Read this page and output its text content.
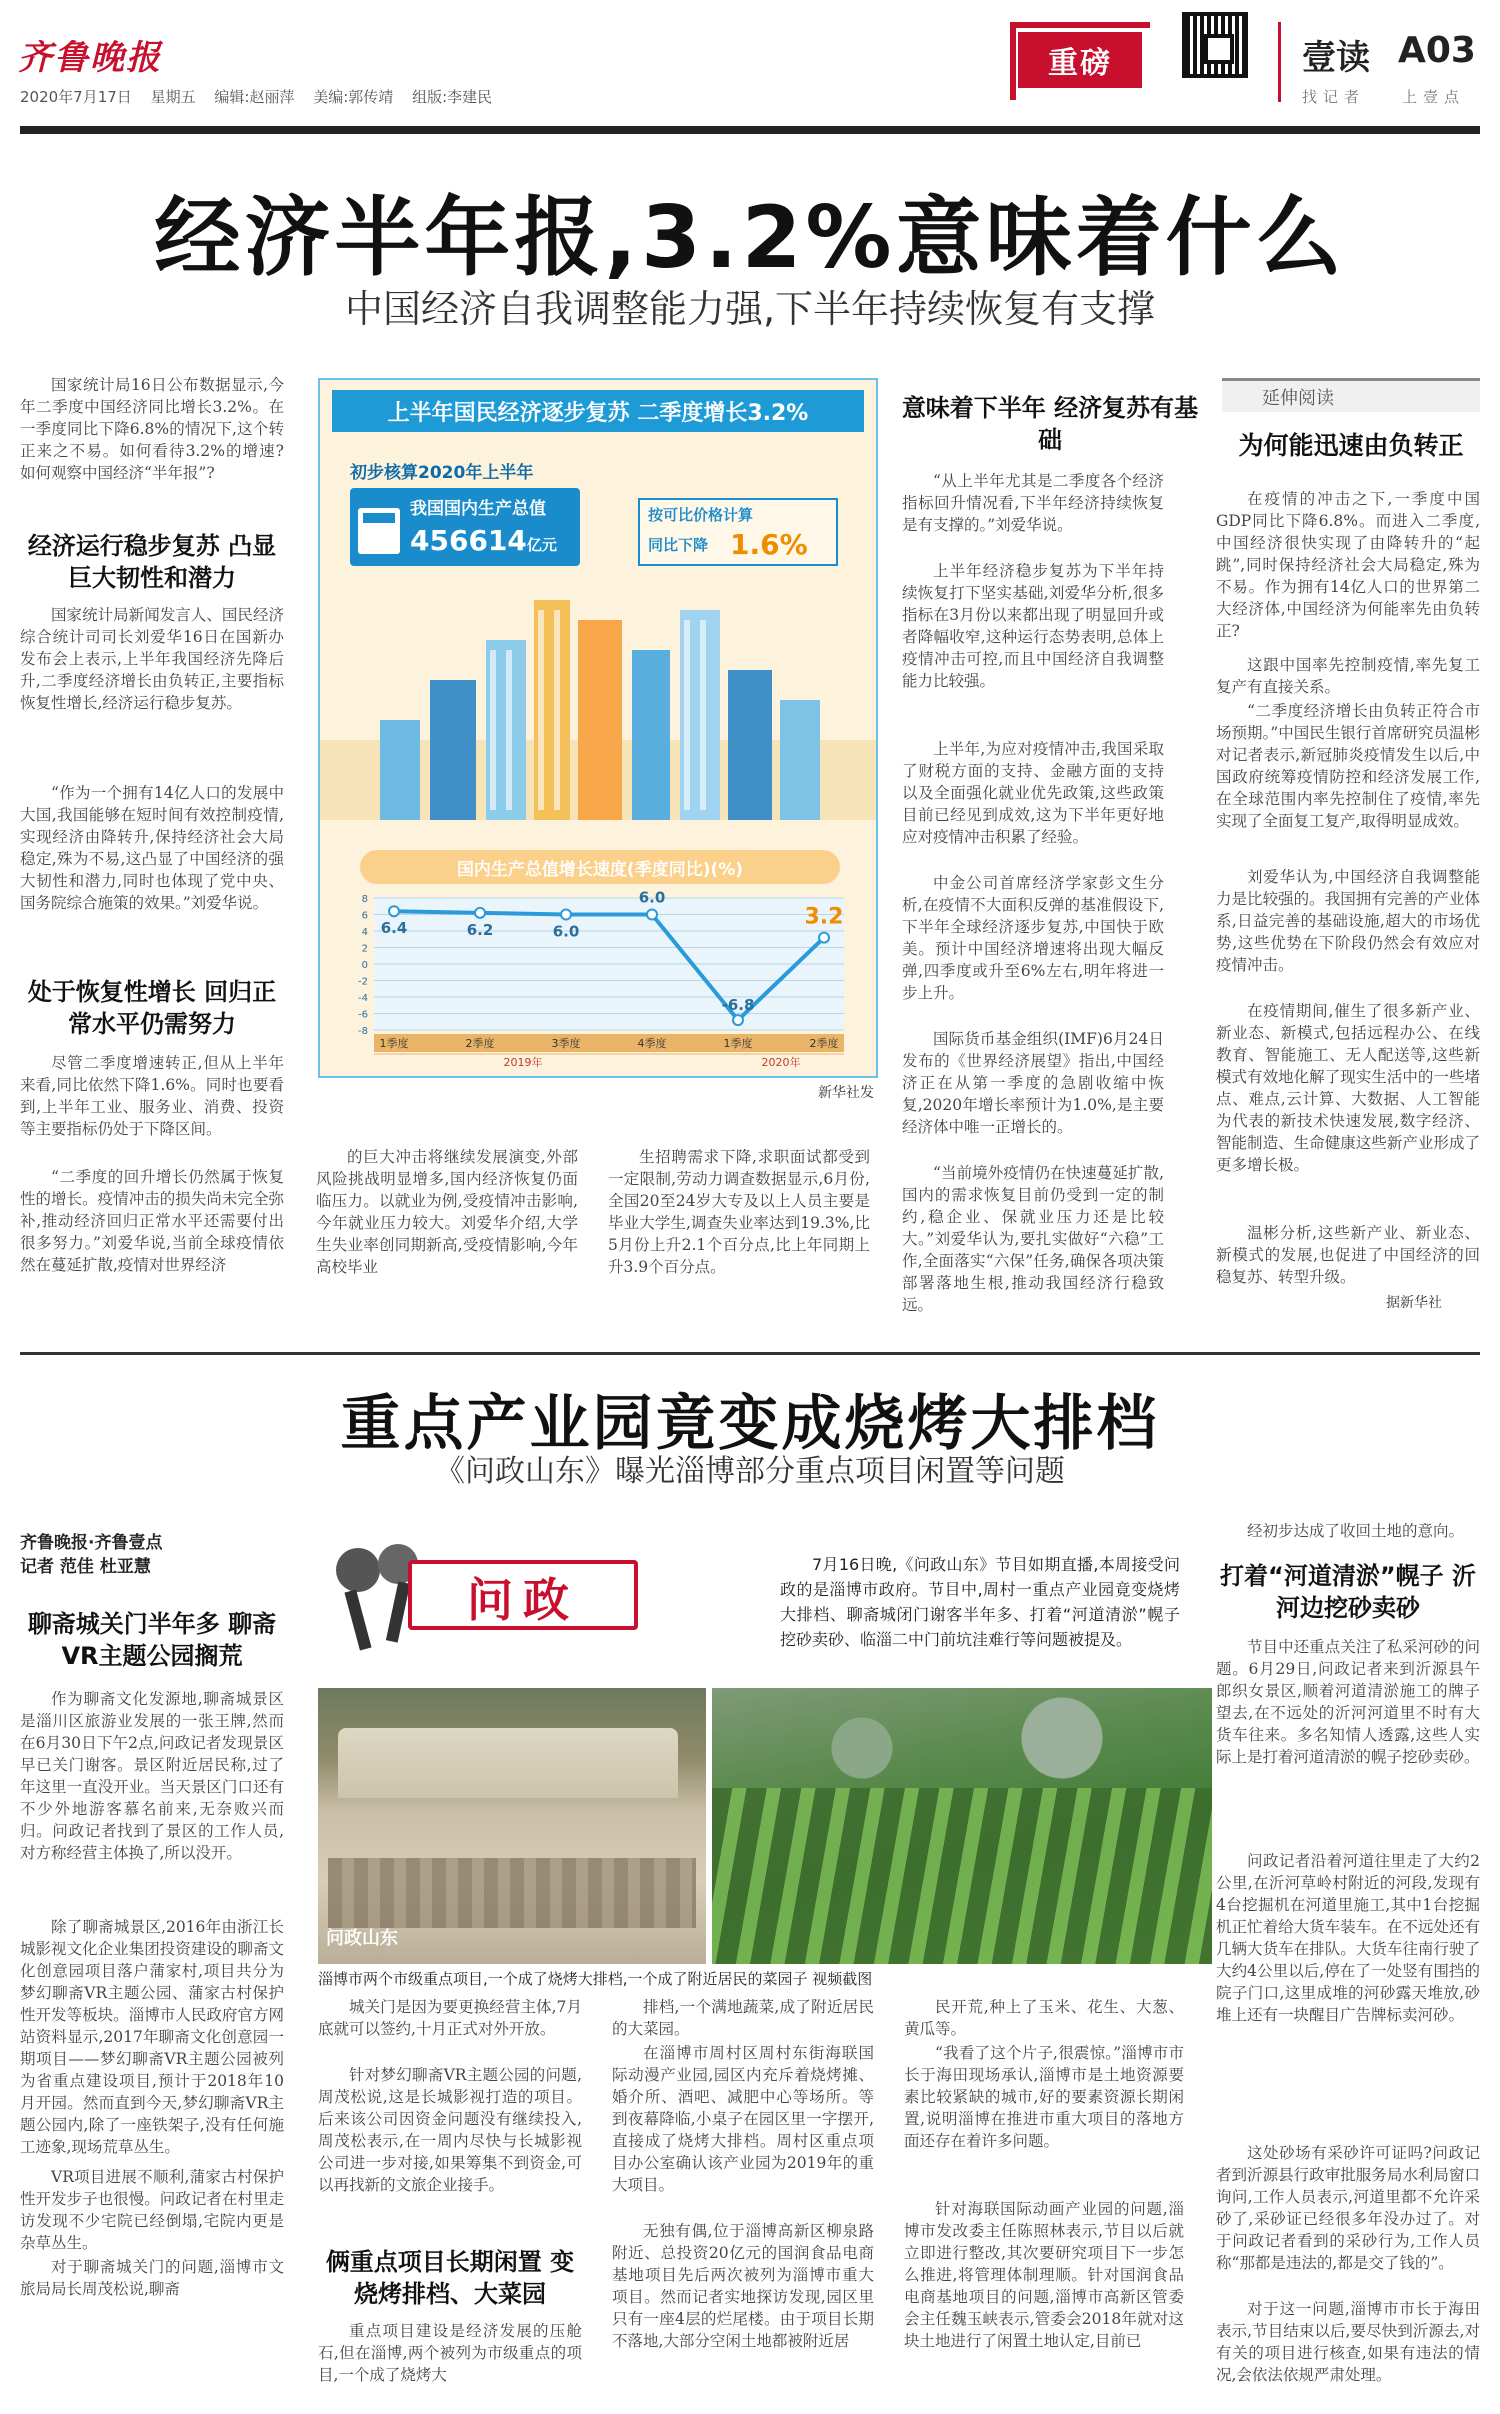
齐鲁晚报
2020年7月17日 星期五 编辑:赵丽萍 美编:郭传靖 组版:李建民
重磅	壹读 A03
找记者 上壹点
经济半年报,3.2%意味着什么
中国经济自我调整能力强,下半年持续恢复有支撑
国家统计局16日公布数据显示,今年二季度中国经济同比增长3.2%。在一季度同比下降6.8%的情况下,这个转正来之不易。如何看待3.2%的增速?如何观察中国经济“半年报”?
经济运行稳步复苏 凸显巨大韧性和潜力
国家统计局新闻发言人、国民经济综合统计司司长刘爱华16日在国新办发布会上表示,上半年我国经济先降后升,二季度经济增长由负转正,主要指标恢复性增长,经济运行稳步复苏。
“作为一个拥有14亿人口的发展中大国,我国能够在短时间有效控制疫情,实现经济由降转升,保持经济社会大局稳定,殊为不易,这凸显了中国经济的强大韧性和潜力,同时也体现了党中央、国务院综合施策的效果。”刘爱华说。
处于恢复性增长 回归正常水平仍需努力
尽管二季度增速转正,但从上半年来看,同比依然下降1.6%。同时也要看到,上半年工业、服务业、消费、投资等主要指标仍处于下降区间。
“二季度的回升增长仍然属于恢复性的增长。疫情冲击的损失尚未完全弥补,推动经济回归正常水平还需要付出很多努力。”刘爱华说,当前全球疫情依然在蔓延扩散,疫情对世界经济
的巨大冲击将继续发展演变,外部风险挑战明显增多,国内经济恢复仍面临压力。以就业为例,受疫情冲击影响,今年就业压力较大。刘爱华介绍,大学生失业率创同期新高,受疫情影响,今年高校毕业
生招聘需求下降,求职面试都受到一定限制,劳动力调查数据显示,6月份,全国20至24岁大专及以上人员主要是毕业大学生,调查失业率达到19.3%,比5月份上升2.1个百分点,比上年同期上升3.9个百分点。
意味着下半年 经济复苏有基础
“从上半年尤其是二季度各个经济指标回升情况看,下半年经济持续恢复是有支撑的。”刘爱华说。
上半年经济稳步复苏为下半年持续恢复打下坚实基础,刘爱华分析,很多指标在3月份以来都出现了明显回升或者降幅收窄,这种运行态势表明,总体上疫情冲击可控,而且中国经济自我调整能力比较强。
上半年,为应对疫情冲击,我国采取了财税方面的支持、金融方面的支持以及全面强化就业优先政策,这些政策目前已经见到成效,这为下半年更好地应对疫情冲击积累了经验。
中金公司首席经济学家彭文生分析,在疫情不大面积反弹的基准假设下,下半年全球经济逐步复苏,中国快于欧美。预计中国经济增速将出现大幅反弹,四季度或升至6%左右,明年将进一步上升。
国际货币基金组织(IMF)6月24日发布的《世界经济展望》指出,中国经济正在从第一季度的急剧收缩中恢复,2020年增长率预计为1.0%,是主要经济体中唯一正增长的。
“当前境外疫情仍在快速蔓延扩散,国内的需求恢复目前仍受到一定的制约,稳企业、保就业压力还是比较大。”刘爱华认为,要扎实做好“六稳”工作,全面落实“六保”任务,确保各项决策部署落地生根,推动我国经济行稳致远。
延伸阅读
为何能迅速由负转正
在疫情的冲击之下,一季度中国GDP同比下降6.8%。而进入二季度,中国经济很快实现了由降转升的“起跳”,同时保持经济社会大局稳定,殊为不易。作为拥有14亿人口的世界第二大经济体,中国经济为何能率先由负转正?
这跟中国率先控制疫情,率先复工复产有直接关系。
“二季度经济增长由负转正符合市场预期。”中国民生银行首席研究员温彬对记者表示,新冠肺炎疫情发生以后,中国政府统筹疫情防控和经济发展工作,在全球范围内率先控制住了疫情,率先实现了全面复工复产,取得明显成效。
刘爱华认为,中国经济自我调整能力是比较强的。我国拥有完善的产业体系,日益完善的基础设施,超大的市场优势,这些优势在下阶段仍然会有效应对疫情冲击。
在疫情期间,催生了很多新产业、新业态、新模式,包括远程办公、在线教育、智能施工、无人配送等,这些新模式有效地化解了现实生活中的一些堵点、难点,云计算、大数据、人工智能为代表的新技术快速发展,数字经济、智能制造、生命健康这些新产业形成了更多增长极。
温彬分析,这些新产业、新业态、新模式的发展,也促进了中国经济的回稳复苏、转型升级。
据新华社
上半年国民经济逐步复苏 二季度增长3.2%
初步核算2020年上半年
我国国内生产总值
456614亿元
按可比价格计算
同比下降 1.6%
国内生产总值增长速度(季度同比)(%)
8
6
4
2
0
-2
-4
-6
-8
1季度	2季度	3季度	4季度	1季度	2季度
2019年	2020年
6.4	6.2	6.0
6.0
-6.8
3.2
新华社发
重点产业园竟变成烧烤大排档
《问政山东》曝光淄博部分重点项目闲置等问题
齐鲁晚报·齐鲁壹点
记者 范佳 杜亚慧
聊斋城关门半年多 聊斋VR主题公园搁荒
作为聊斋文化发源地,聊斋城景区是淄川区旅游业发展的一张王牌,然而在6月30日下午2点,问政记者发现景区早已关门谢客。景区附近居民称,过了年这里一直没开业。当天景区门口还有不少外地游客慕名前来,无奈败兴而归。问政记者找到了景区的工作人员,对方称经营主体换了,所以没开。
除了聊斋城景区,2016年由浙江长城影视文化企业集团投资建设的聊斋文化创意园项目落户蒲家村,项目共分为梦幻聊斋VR主题公园、蒲家古村保护性开发等板块。淄博市人民政府官方网站资料显示,2017年聊斋文化创意园一期项目——梦幻聊斋VR主题公园被列为省重点建设项目,预计于2018年10月开园。然而直到今天,梦幻聊斋VR主题公园内,除了一座铁架子,没有任何施工迹象,现场荒草丛生。
VR项目进展不顺利,蒲家古村保护性开发步子也很慢。问政记者在村里走访发现不少宅院已经倒塌,宅院内更是杂草丛生。
对于聊斋城关门的问题,淄博市文旅局局长周茂松说,聊斋
问政
7月16日晚,《问政山东》节目如期直播,本周接受问政的是淄博市政府。节目中,周村一重点产业园竟变烧烤大排档、聊斋城闭门谢客半年多、打着“河道清淤”幌子挖砂卖砂、临淄二中门前坑洼难行等问题被提及。
问政山东
淄博市两个市级重点项目,一个成了烧烤大排档,一个成了附近居民的菜园子 视频截图
城关门是因为要更换经营主体,7月底就可以签约,十月正式对外开放。
针对梦幻聊斋VR主题公园的问题,周茂松说,这是长城影视打造的项目。后来该公司因资金问题没有继续投入,周茂松表示,在一周内尽快与长城影视公司进一步对接,如果筹集不到资金,可以再找新的文旅企业接手。
俩重点项目长期闲置 变烧烤排档、大菜园
重点项目建设是经济发展的压舱石,但在淄博,两个被列为市级重点的项目,一个成了烧烤大
排档,一个满地蔬菜,成了附近居民的大菜园。
在淄博市周村区周村东街海联国际动漫产业园,园区内充斥着烧烤摊、婚介所、酒吧、减肥中心等场所。等到夜幕降临,小桌子在园区里一字摆开,直接成了烧烤大排档。周村区重点项目办公室确认该产业园为2019年的重大项目。
无独有偶,位于淄博高新区柳泉路附近、总投资20亿元的国润食品电商基地项目先后两次被列为淄博市重大项目。然而记者实地探访发现,园区里只有一座4层的烂尾楼。由于项目长期不落地,大部分空闲土地都被附近居
民开荒,种上了玉米、花生、大葱、黄瓜等。
“我看了这个片子,很震惊。”淄博市市长于海田现场承认,淄博市是土地资源要素比较紧缺的城市,好的要素资源长期闲置,说明淄博在推进市重大项目的落地方面还存在着许多问题。
针对海联国际动画产业园的问题,淄博市发改委主任陈照林表示,节目以后就立即进行整改,其次要研究项目下一步怎么推进,将管理体制理顺。针对国润食品电商基地项目的问题,淄博市高新区管委会主任魏玉峡表示,管委会2018年就对这块土地进行了闲置土地认定,目前已
经初步达成了收回土地的意向。
打着“河道清淤”幌子 沂河边挖砂卖砂
节目中还重点关注了私采河砂的问题。6月29日,问政记者来到沂源县午郎织女景区,顺着河道清淤施工的牌子望去,在不远处的沂河河道里不时有大货车往来。多名知情人透露,这些人实际上是打着河道清淤的幌子挖砂卖砂。
问政记者沿着河道往里走了大约2公里,在沂河草岭村附近的河段,发现有4台挖掘机在河道里施工,其中1台挖掘机正忙着给大货车装车。在不远处还有几辆大货车在排队。大货车往南行驶了大约4公里以后,停在了一处竖有围挡的院子门口,这里成堆的河砂露天堆放,砂堆上还有一块醒目广告牌标卖河砂。
这处砂场有采砂许可证吗?问政记者到沂源县行政审批服务局水利局窗口询问,工作人员表示,河道里都不允许采砂了,采砂证已经很多年没办过了。对于问政记者看到的采砂行为,工作人员称“那都是违法的,都是交了钱的”。
对于这一问题,淄博市市长于海田表示,节目结束以后,要尽快到沂源去,对有关的项目进行核查,如果有违法的情况,会依法依规严肃处理。
